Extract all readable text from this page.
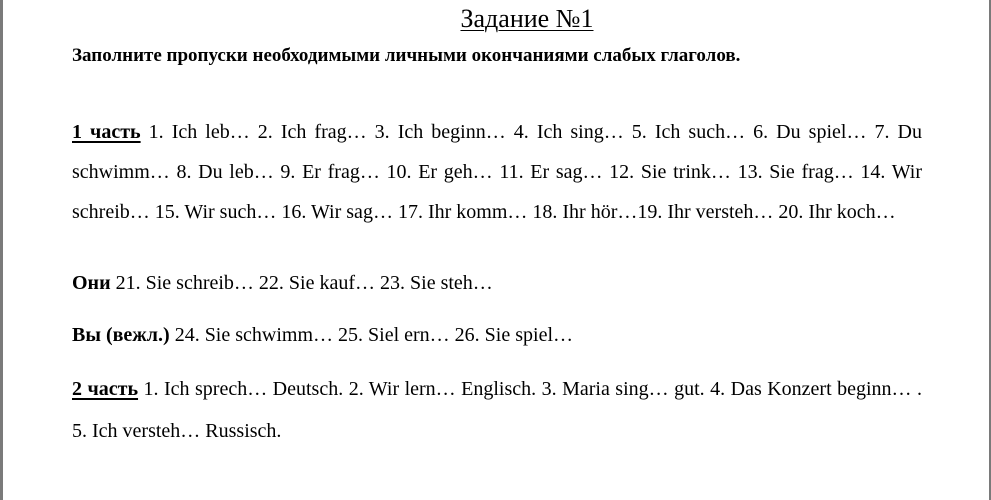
Задание №1
Заполните пропуски необходимыми личными окончаниями слабых глаголов.
1 часть 1. Ich leb… 2. Ich frag… 3. Ich beginn… 4. Ich sing… 5. Ich such… 6. Du spiel… 7. Du schwimm… 8. Du leb… 9. Er frag… 10. Er geh… 11. Er sag… 12. Sie trink… 13. Sie frag… 14. Wir schreib… 15. Wir such… 16. Wir sag… 17. Ihr komm… 18. Ihr hör…19. Ihr versteh… 20. Ihr koch…
Они 21. Sie schreib… 22. Sie kauf… 23. Sie steh…
Вы (вежл.) 24. Sie schwimm… 25. Siel ern… 26. Sie spiel…
2 часть 1. Ich sprech… Deutsch. 2. Wir lern… Englisch. 3. Maria sing… gut. 4. Das Konzert beginn… . 5. Ich versteh… Russisch.
